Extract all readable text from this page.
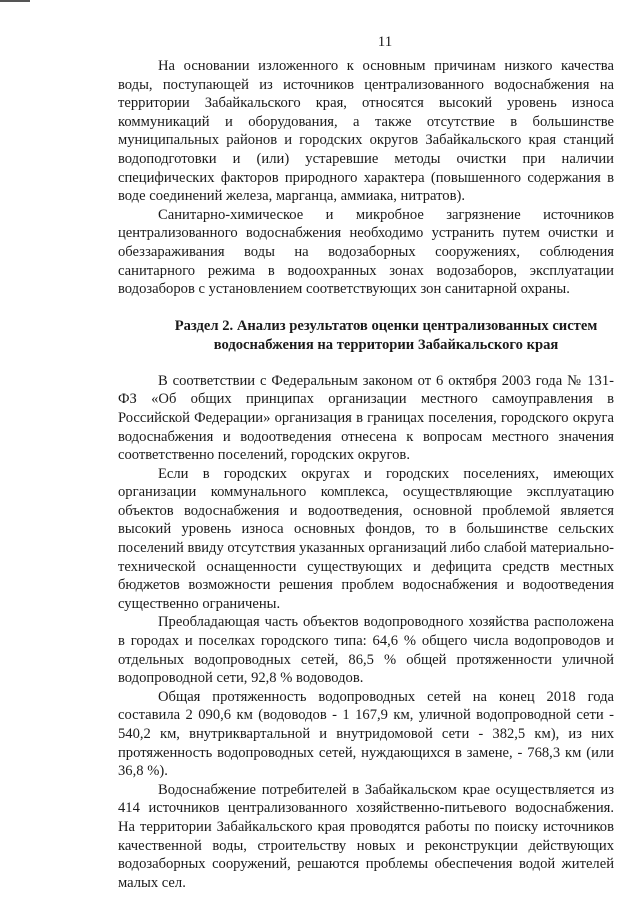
11

На основании изложенного к основным причинам низкого качества воды, поступающей из источников централизованного водоснабжения на территории Забайкальского края, относятся высокий уровень износа коммуникаций и оборудования, а также отсутствие в большинстве муниципальных районов и городских округов Забайкальского края станций водоподготовки и (или) устаревшие методы очистки при наличии специфических факторов природного характера (повышенного содержания в воде соединений железа, марганца, аммиака, нитратов).

Санитарно-химическое и микробное загрязнение источников централизованного водоснабжения необходимо устранить путем очистки и обеззараживания воды на водозаборных сооружениях, соблюдения санитарного режима в водоохранных зонах водозаборов, эксплуатации водозаборов с установлением соответствующих зон санитарной охраны.

Раздел 2. Анализ результатов оценки централизованных систем
водоснабжения на территории Забайкальского края

В соответствии с Федеральным законом от 6 октября 2003 года № 131-ФЗ «Об общих принципах организации местного самоуправления в Российской Федерации» организация в границах поселения, городского округа водоснабжения и водоотведения отнесена к вопросам местного значения соответственно поселений, городских округов.

Если в городских округах и городских поселениях, имеющих организации коммунального комплекса, осуществляющие эксплуатацию объектов водоснабжения и водоотведения, основной проблемой является высокий уровень износа основных фондов, то в большинстве сельских поселений ввиду отсутствия указанных организаций либо слабой материально-технической оснащенности существующих и дефицита средств местных бюджетов возможности решения проблем водоснабжения и водоотведения существенно ограничены.

Преобладающая часть объектов водопроводного хозяйства расположена в городах и поселках городского типа: 64,6 % общего числа водопроводов и отдельных водопроводных сетей, 86,5 % общей протяженности уличной водопроводной сети, 92,8 % водоводов.

Общая протяженность водопроводных сетей на конец 2018 года составила 2 090,6 км (водоводов - 1 167,9 км, уличной водопроводной сети - 540,2 км, внутриквартальной и внутридомовой сети - 382,5 км), из них протяженность водопроводных сетей, нуждающихся в замене, - 768,3 км (или 36,8 %).

Водоснабжение потребителей в Забайкальском крае осуществляется из 414 источников централизованного хозяйственно-питьевого водоснабжения. На территории Забайкальского края проводятся работы по поиску источников качественной воды, строительству новых и реконструкции действующих водозаборных сооружений, решаются проблемы обеспечения водой жителей малых сел.
